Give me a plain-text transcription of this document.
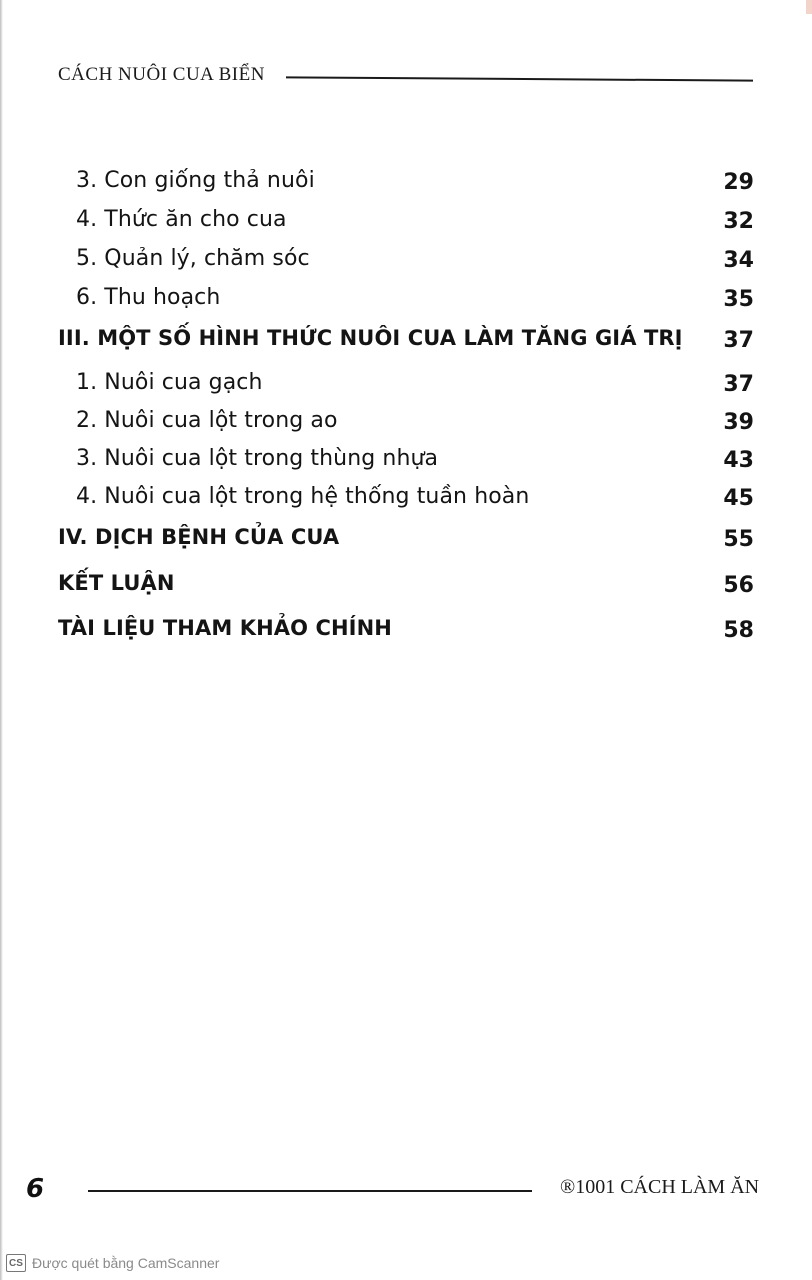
CÁCH NUÔI CUA BIỂN
3. Con giống thả nuôi	29
4. Thức ăn cho cua	32
5. Quản lý, chăm sóc	34
6. Thu hoạch	35
III. MỘT SỐ HÌNH THỨC NUÔI CUA LÀM TĂNG GIÁ TRỊ	37
1. Nuôi cua gạch	37
2. Nuôi cua lột trong ao	39
3. Nuôi cua lột trong thùng nhựa	43
4. Nuôi cua lột trong hệ thống tuần hoàn	45
IV. DỊCH BỆNH CỦA CUA	55
KẾT LUẬN	56
TÀI LIỆU THAM KHẢO CHÍNH	58
6	®1001 CÁCH LÀM ĂN
CS Được quét bằng CamScanner
